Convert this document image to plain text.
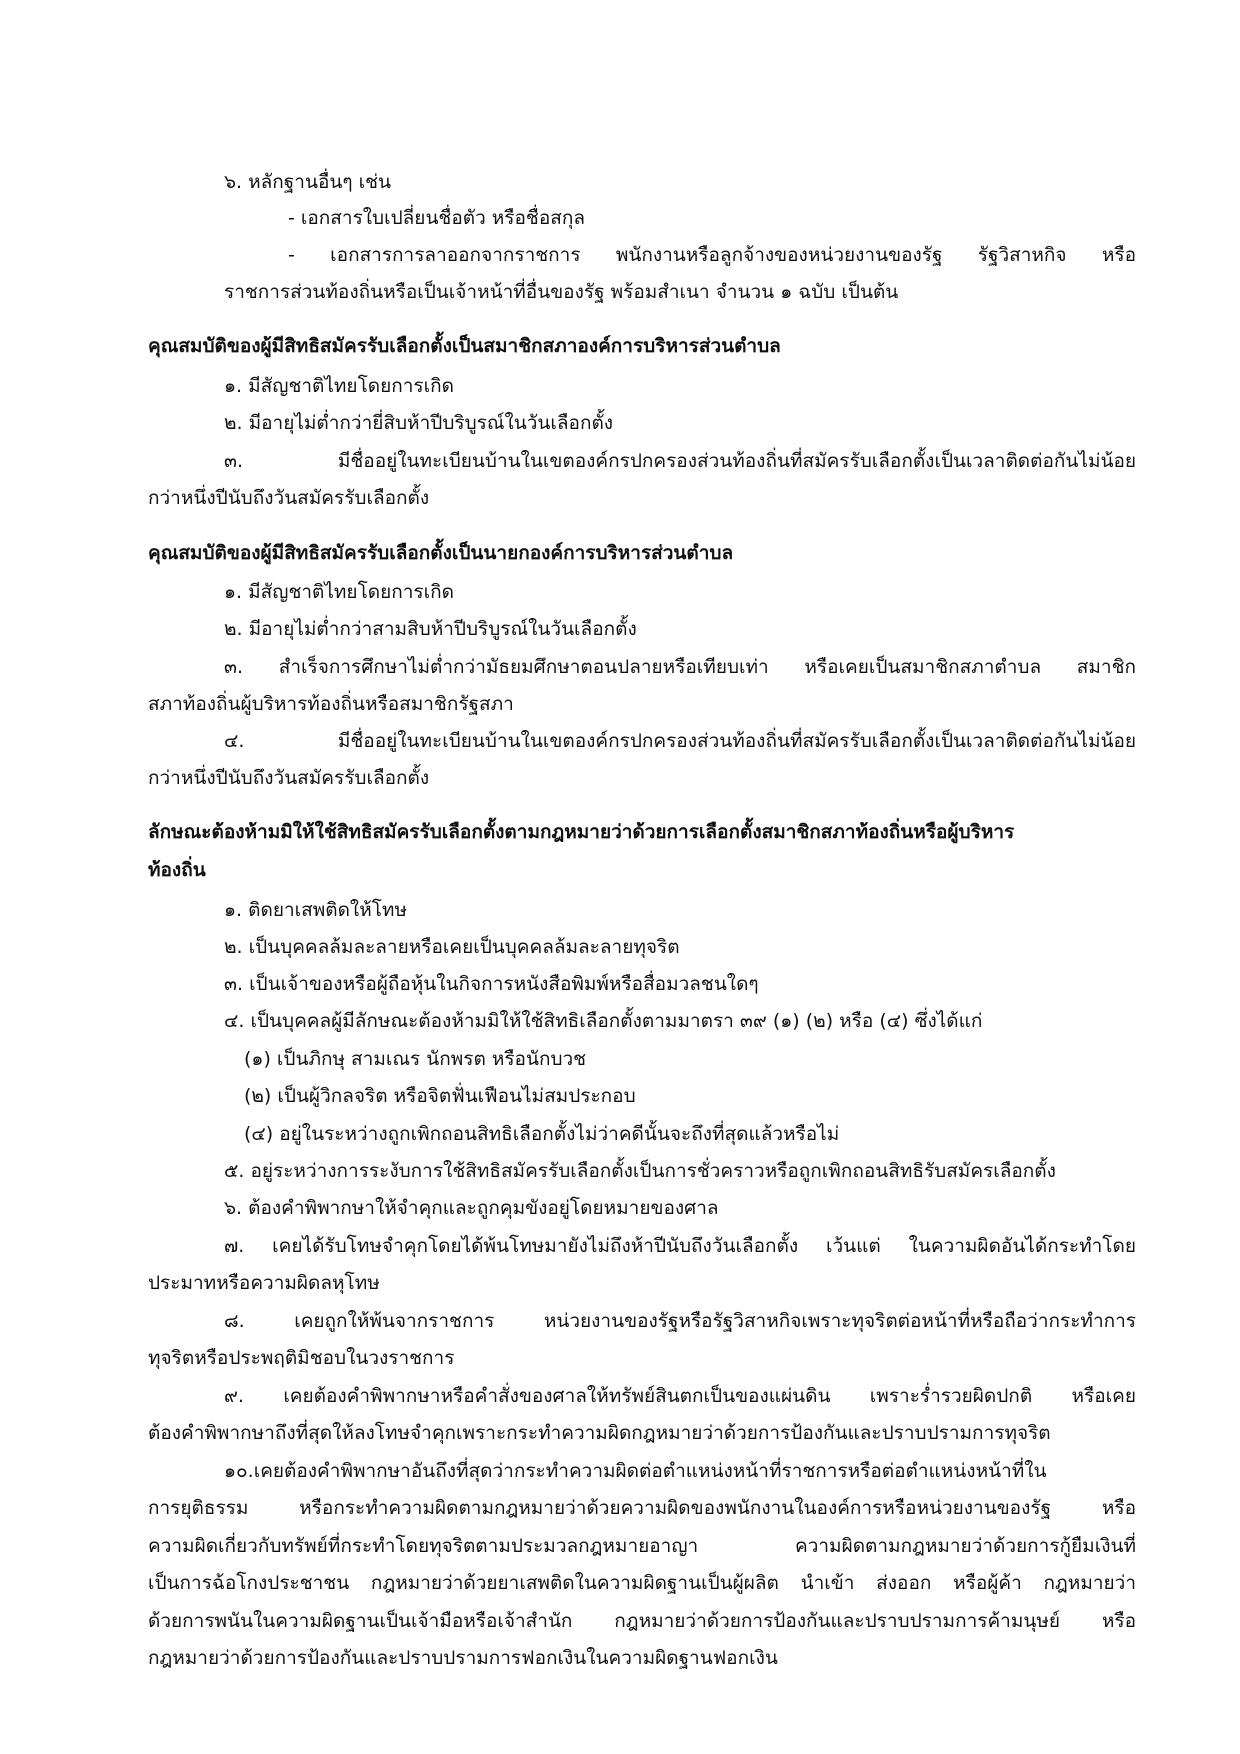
๖. หลักฐานอื่นๆ เช่น
- เอกสารใบเปลี่ยนชื่อตัว หรือชื่อสกุล
- เอกสารการลาออกจากราชการ พนักงานหรือลูกจ้างของหน่วยงานของรัฐ รัฐวิสาหกิจ หรือ
ราชการส่วนท้องถิ่นหรือเป็นเจ้าหน้าที่อื่นของรัฐ พร้อมสำเนา จำนวน ๑ ฉบับ เป็นต้น
คุณสมบัติของผู้มีสิทธิสมัครรับเลือกตั้งเป็นสมาชิกสภาองค์การบริหารส่วนตำบล
๑. มีสัญชาติไทยโดยการเกิด
๒. มีอายุไม่ต่ำกว่ายี่สิบห้าปีบริบูรณ์ในวันเลือกตั้ง
๓. มีชื่ออยู่ในทะเบียนบ้านในเขตองค์กรปกครองส่วนท้องถิ่นที่สมัครรับเลือกตั้งเป็นเวลาติดต่อกันไม่น้อย
กว่าหนึ่งปีนับถึงวันสมัครรับเลือกตั้ง
คุณสมบัติของผู้มีสิทธิสมัครรับเลือกตั้งเป็นนายกองค์การบริหารส่วนตำบล
๑. มีสัญชาติไทยโดยการเกิด
๒. มีอายุไม่ต่ำกว่าสามสิบห้าปีบริบูรณ์ในวันเลือกตั้ง
๓. สำเร็จการศึกษาไม่ต่ำกว่ามัธยมศึกษาตอนปลายหรือเทียบเท่า หรือเคยเป็นสมาชิกสภาตำบล สมาชิก
สภาท้องถิ่นผู้บริหารท้องถิ่นหรือสมาชิกรัฐสภา
๔. มีชื่ออยู่ในทะเบียนบ้านในเขตองค์กรปกครองส่วนท้องถิ่นที่สมัครรับเลือกตั้งเป็นเวลาติดต่อกันไม่น้อย
กว่าหนึ่งปีนับถึงวันสมัครรับเลือกตั้ง
ลักษณะต้องห้ามมิให้ใช้สิทธิสมัครรับเลือกตั้งตามกฎหมายว่าด้วยการเลือกตั้งสมาชิกสภาท้องถิ่นหรือผู้บริหาร
ท้องถิ่น
๑. ติดยาเสพติดให้โทษ
๒. เป็นบุคคลล้มละลายหรือเคยเป็นบุคคลล้มละลายทุจริต
๓. เป็นเจ้าของหรือผู้ถือหุ้นในกิจการหนังสือพิมพ์หรือสื่อมวลชนใดๆ
๔. เป็นบุคคลผู้มีลักษณะต้องห้ามมิให้ใช้สิทธิเลือกตั้งตามมาตรา ๓๙ (๑) (๒) หรือ (๔) ซึ่งได้แก่
(๑) เป็นภิกษุ สามเณร นักพรต หรือนักบวช
(๒) เป็นผู้วิกลจริต หรือจิตฟั่นเฟือนไม่สมประกอบ
(๔) อยู่ในระหว่างถูกเพิกถอนสิทธิเลือกตั้งไม่ว่าคดีนั้นจะถึงที่สุดแล้วหรือไม่
๕. อยู่ระหว่างการระงับการใช้สิทธิสมัครรับเลือกตั้งเป็นการชั่วคราวหรือถูกเพิกถอนสิทธิรับสมัครเลือกตั้ง
๖. ต้องคำพิพากษาให้จำคุกและถูกคุมขังอยู่โดยหมายของศาล
๗. เคยได้รับโทษจำคุกโดยได้พ้นโทษมายังไม่ถึงห้าปีนับถึงวันเลือกตั้ง เว้นแต่ ในความผิดอันได้กระทำโดย
ประมาทหรือความผิดลหุโทษ
๘. เคยถูกให้พ้นจากราชการ หน่วยงานของรัฐหรือรัฐวิสาหกิจเพราะทุจริตต่อหน้าที่หรือถือว่ากระทำการ
ทุจริตหรือประพฤติมิชอบในวงราชการ
๙. เคยต้องคำพิพากษาหรือคำสั่งของศาลให้ทรัพย์สินตกเป็นของแผ่นดิน เพราะร่ำรวยผิดปกติ หรือเคย
ต้องคำพิพากษาถึงที่สุดให้ลงโทษจำคุกเพราะกระทำความผิดกฎหมายว่าด้วยการป้องกันและปราบปรามการทุจริต
๑๐.เคยต้องคำพิพากษาอันถึงที่สุดว่ากระทำความผิดต่อตำแหน่งหน้าที่ราชการหรือต่อตำแหน่งหน้าที่ใน
การยุติธรรม หรือกระทำความผิดตามกฎหมายว่าด้วยความผิดของพนักงานในองค์การหรือหน่วยงานของรัฐ หรือ
ความผิดเกี่ยวกับทรัพย์ที่กระทำโดยทุจริตตามประมวลกฎหมายอาญา ความผิดตามกฎหมายว่าด้วยการกู้ยืมเงินที่
เป็นการฉ้อโกงประชาชน กฎหมายว่าด้วยยาเสพติดในความผิดฐานเป็นผู้ผลิต นำเข้า ส่งออก หรือผู้ค้า กฎหมายว่า
ด้วยการพนันในความผิดฐานเป็นเจ้ามือหรือเจ้าสำนัก กฎหมายว่าด้วยการป้องกันและปราบปรามการค้ามนุษย์ หรือ
กฎหมายว่าด้วยการป้องกันและปราบปรามการฟอกเงินในความผิดฐานฟอกเงิน
